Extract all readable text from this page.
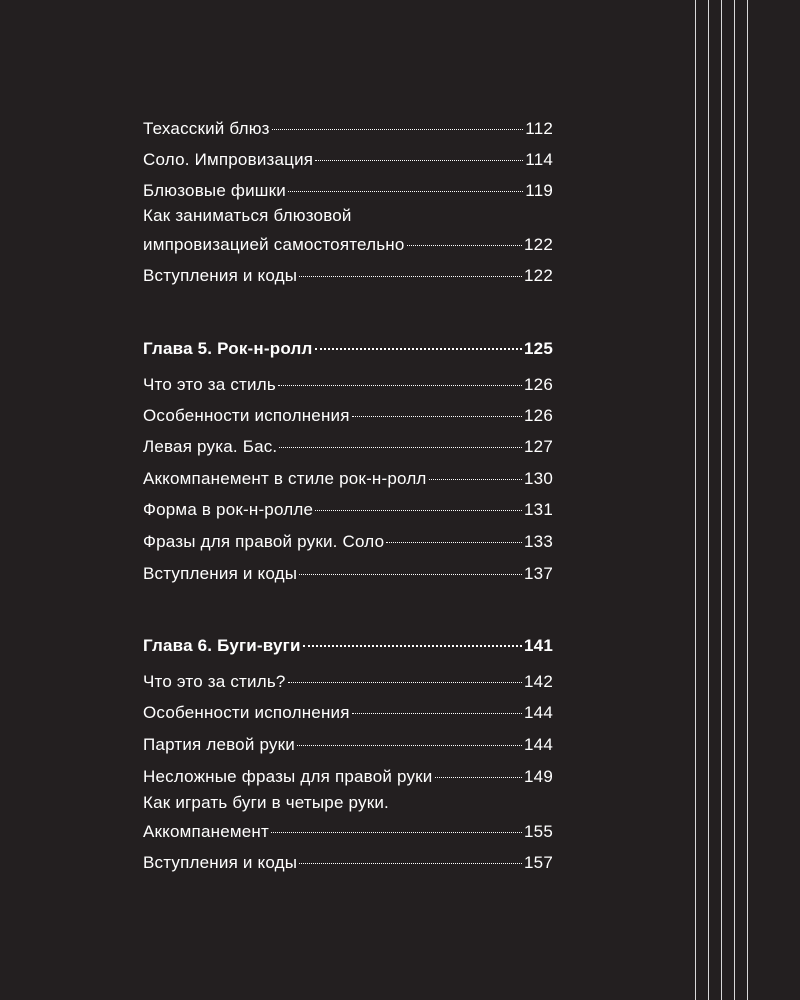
Техасский блюз	112
Соло. Импровизация	114
Блюзовые фишки	119
Как заниматься блюзовой
импровизацией самостоятельно	122
Вступления и коды	122
Глава 5. Рок-н-ролл	125
Что это за стиль	126
Особенности исполнения	126
Левая рука. Бас.	127
Аккомпанемент в стиле рок-н-ролл	130
Форма в рок-н-ролле	131
Фразы для правой руки. Соло	133
Вступления и коды	137
Глава 6. Буги-вуги	141
Что это за стиль?	142
Особенности исполнения	144
Партия левой руки	144
Несложные фразы для правой руки	149
Как играть буги в четыре руки.
Аккомпанемент	155
Вступления и коды	157
